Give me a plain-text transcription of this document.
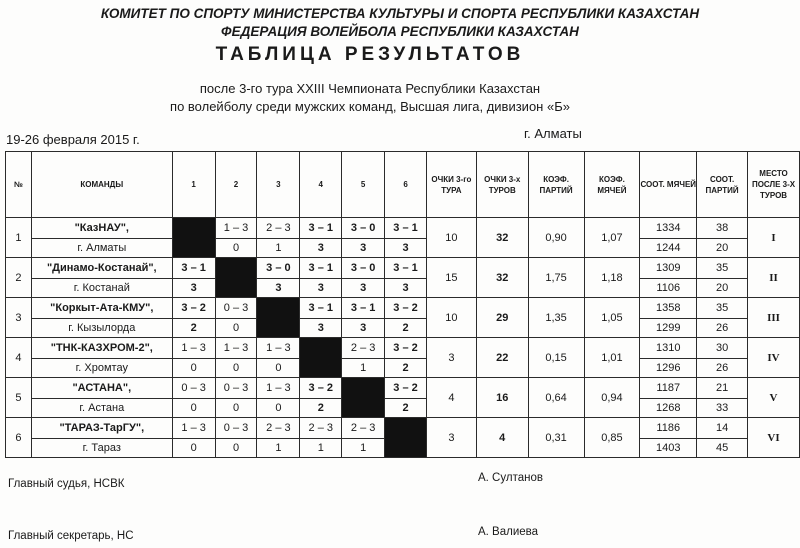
КОМИТЕТ ПО СПОРТУ МИНИСТЕРСТВА КУЛЬТУРЫ И СПОРТА РЕСПУБЛИКИ КАЗАХСТАН
ФЕДЕРАЦИЯ ВОЛЕЙБОЛА РЕСПУБЛИКИ КАЗАХСТАН
ТАБЛИЦА РЕЗУЛЬТАТОВ
после 3-го тура XXIII Чемпионата Республики Казахстан
по волейболу среди мужских команд, Высшая лига, дивизион «Б»
19-26 февраля 2015 г.	г. Алматы
№	КОМАНДЫ	1	2	3	4	5	6	ОЧКИ 3-го ТУРА	ОЧКИ 3-х ТУРОВ	КОЭФ. ПАРТИЙ	КОЭФ. МЯЧЕЙ	СООТ. МЯЧЕЙ	СООТ. ПАРТИЙ	МЕСТО ПОСЛЕ 3-Х ТУРОВ

1	"КазНАУ",		1 – 3	2 – 3	3 – 1	3 – 0	3 – 1	10	32	0,90	1,07	1334	38	I
	г. Алматы		0	1	3	3	3					1244	20	
2	"Динамо-Костанай",	3 – 1		3 – 0	3 – 1	3 – 0	3 – 1	15	32	1,75	1,18	1309	35	II
	г. Костанай	3		3	3	3	3					1106	20	
3	"Коркыт-Ата-КМУ",	3 – 2	0 – 3		3 – 1	3 – 1	3 – 2	10	29	1,35	1,05	1358	35	III
	г. Кызылорда	2	0		3	3	2					1299	26	
4	"ТНК-КАЗХРОМ-2",	1 – 3	1 – 3	1 – 3		2 – 3	3 – 2	3	22	0,15	1,01	1310	30	IV
	г. Хромтау	0	0	0		1	2					1296	26	
5	"АСТАНА",	0 – 3	0 – 3	1 – 3	3 – 2		3 – 2	4	16	0,64	0,94	1187	21	V
	г. Астана	0	0	0	2		2					1268	33	
6	"ТАРАЗ-ТарГУ",	1 – 3	0 – 3	2 – 3	2 – 3	2 – 3		3	4	0,31	0,85	1186	14	VI
	г. Тараз	0	0	1	1	1						1403	45	
Главный судья, НСВК	А. Султанов
Главный секретарь, НС	А. Валиева
